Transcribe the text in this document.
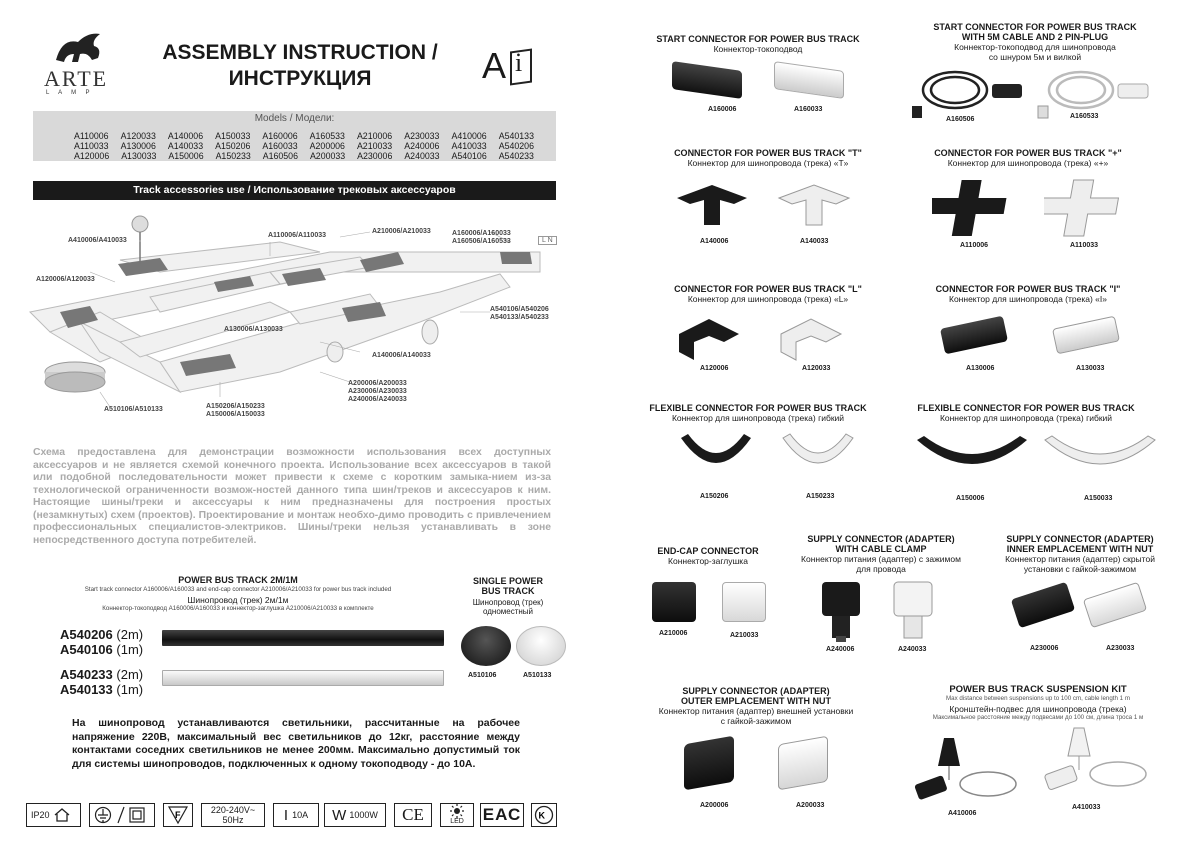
ARTE
L  A  M  P
ASSEMBLY INSTRUCTION /
ИНСТРУКЦИЯ	A i
Models / Модели:
A110006 A120033 A140006 A150033 A160006 A160533 A210006 A230033 A410006 A540133
A110033 A130006 A140033 A150206 A160033 A200006 A210033 A240006 A410033 A540206
A120006 A130033 A150006 A150233 A160506 A200033 A230006 A240033 A540106 A540233
Track accessories use / Использование трековых аксессуаров
A410006/A410033
A120006/A120033
A110006/A110033
A210006/A210033	A160006/A160033
A160506/A160533	L N
A540106/A540206
A540133/A540233
A130006/A130033
A140006/A140033
A510106/A510133	A150206/A150233
A150006/A150033
A200006/A200033
A230006/A230033
A240006/A240033
Схема предоставлена для демонстрации возможности использования всех доступных аксессуаров и не является схемой конечного проекта. Использование всех аксессуаров в такой или подобной последовательности может привести к схеме с коротким замыка-нием из-за технологической ограниченности возмож-ностей данного типа шин/треков и аксессуаров к ним. Настоящие шины/треки и аксессуары к ним предназначены для построения простых (незамкнутых) схем (проектов). Проектирование и монтаж необхо-димо проводить с привлечением профессиональных специалистов-электриков. Шины/треки нельзя устанавливать в зоне непосредственного доступа потребителей.
POWER BUS TRACK 2M/1M
Start track connector A160006/A160033 and end-cap connector A210006/A210033 for power bus track included
Шинопровод (трек) 2м/1м
Коннектор-токоподвод A160006/A160033 и коннектор-заглушка A210006/A210033 в комплекте
A540206 (2m)
A540106 (1m)
A540233 (2m)
A540133 (1m)
SINGLE POWER
BUS TRACK
Шинопровод (трек)
одноместный
A510106	A510133
На шинопровод устанавливаются светильники, рассчитанные на рабочее напряжение 220В, максимальный вес светильников до 12кг, расстояние между контактами соседних светильников не менее 200мм. Максимально допустимый ток для системы шинопроводов, подключенных к одному токоподводу - до 10А.
IP20	F	220-240V~
50Hz	I 10A W 1000W CE	LED ЕАС K
START CONNECTOR FOR POWER BUS TRACK
Коннектор-токоподвод
A160006	A160033
START CONNECTOR FOR POWER BUS TRACK
WITH 5M CABLE AND 2 PIN-PLUG
Коннектор-токоподвод для шинопровода
со шнуром 5м и вилкой
A160506	A160533
CONNECTOR FOR POWER BUS TRACK "T"
Коннектор для шинопровода (трека) «T»
A140006	A140033
CONNECTOR FOR POWER BUS TRACK "+"
Коннектор для шинопровода (трека) «+»
A110006	A110033
CONNECTOR FOR POWER BUS TRACK "L"
Коннектор для шинопровода (трека) «L»
A120006	A120033
CONNECTOR FOR POWER BUS TRACK "I"
Коннектор для шинопровода (трека) «I»
A130006	A130033
FLEXIBLE CONNECTOR FOR POWER BUS TRACK
Коннектор для шинопровода (трека) гибкий
A150206	A150233
FLEXIBLE CONNECTOR FOR POWER BUS TRACK
Коннектор для шинопровода (трека) гибкий
A150006	A150033
END-CAP CONNECTOR
Коннектор-заглушка
A210006	A210033
SUPPLY CONNECTOR (ADAPTER)
WITH CABLE CLAMP
Коннектор питания (адаптер) с зажимом
для провода
A240006	A240033
SUPPLY CONNECTOR (ADAPTER)
INNER EMPLACEMENT WITH NUT
Коннектор питания (адаптер) скрытой
установки с гайкой-зажимом
A230006	A230033
SUPPLY CONNECTOR (ADAPTER)
OUTER EMPLACEMENT WITH NUT
Коннектор питания (адаптер) внешней установки
с гайкой-зажимом
A200006	A200033
POWER BUS TRACK SUSPENSION KIT
Max distance between suspensions up to 100 cm, cable length 1 m
Кронштейн-подвес для шинопровода (трека)
Максимальное расстояние между подвесами до 100 см, длина троса 1 м
A410006
A410033
